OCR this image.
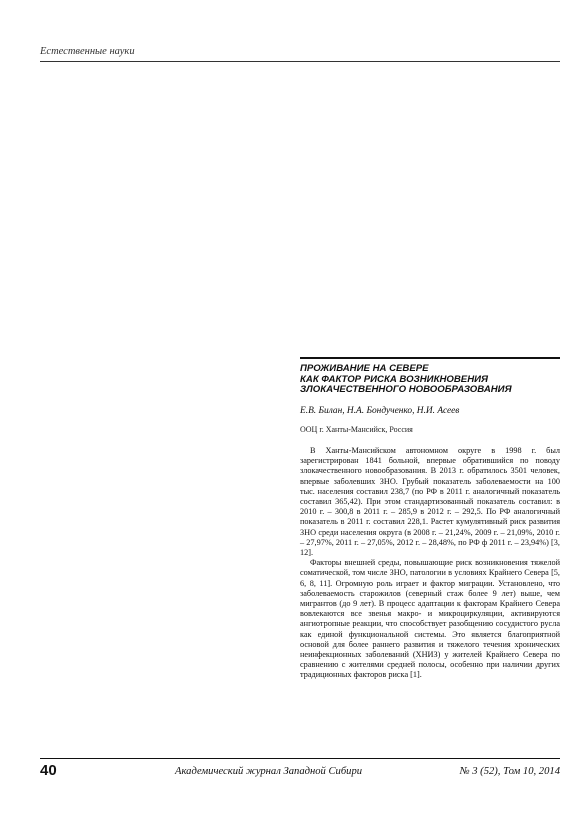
Естественные науки
ПРОЖИВАНИЕ НА СЕВЕРЕ
КАК ФАКТОР РИСКА ВОЗНИКНОВЕНИЯ
ЗЛОКАЧЕСТВЕННОГО НОВООБРАЗОВАНИЯ
Е.В. Билан, Н.А. Бондученко, Н.И. Асеев
ООЦ г. Ханты-Мансийск, Россия

В Ханты-Мансийском автономном округе в 1998 г. был зарегистрирован 1841 больной, впервые обратившийся по поводу злокачественного новообразования. В 2013 г. обратилось 3501 человек, впервые заболевших ЗНО. Грубый показатель заболеваемости на 100 тыс. населения составил 238,7 (по РФ в 2011 г. аналогичный показатель составил 365,42). При этом стандартизованный показатель составил: в 2010 г. – 300,8 в 2011 г. – 285,9 в 2012 г. – 292,5. По РФ аналогичный показатель в 2011 г. составил 228,1. Растет кумулятивный риск развития ЗНО среди населения округа (в 2008 г. – 21,24%, 2009 г. – 21,09%, 2010 г. – 27,97%, 2011 г. – 27,05%, 2012 г. – 28,48%, по РФ ф 2011 г. – 23,94%) [3, 12].

Факторы внешней среды, повышающие риск возникновения тяжелой соматической, том числе ЗНО, патологии в условиях Крайнего Севера [5, 6, 8, 11]. Огромную роль играет и фактор миграции. Установлено, что заболеваемость старожилов (северный стаж более 9 лет) выше, чем мигрантов (до 9 лет). В процесс адаптации к факторам Крайнего Севера вовлекаются все звенья макро- и микроциркуляции, активируются ангиотропные реакции, что способствует разобщению сосудистого русла как единой функциональной системы. Это является благоприятной основой для более раннего развития и тяжелого течения хронических неинфекционных заболеваний (ХНИЗ) у жителей Крайнего Севера по сравнению с жителями средней полосы, особенно при наличии других традиционных факторов риска [1].

40	Академический журнал Западной Сибири	№ 3 (52), Том 10, 2014
